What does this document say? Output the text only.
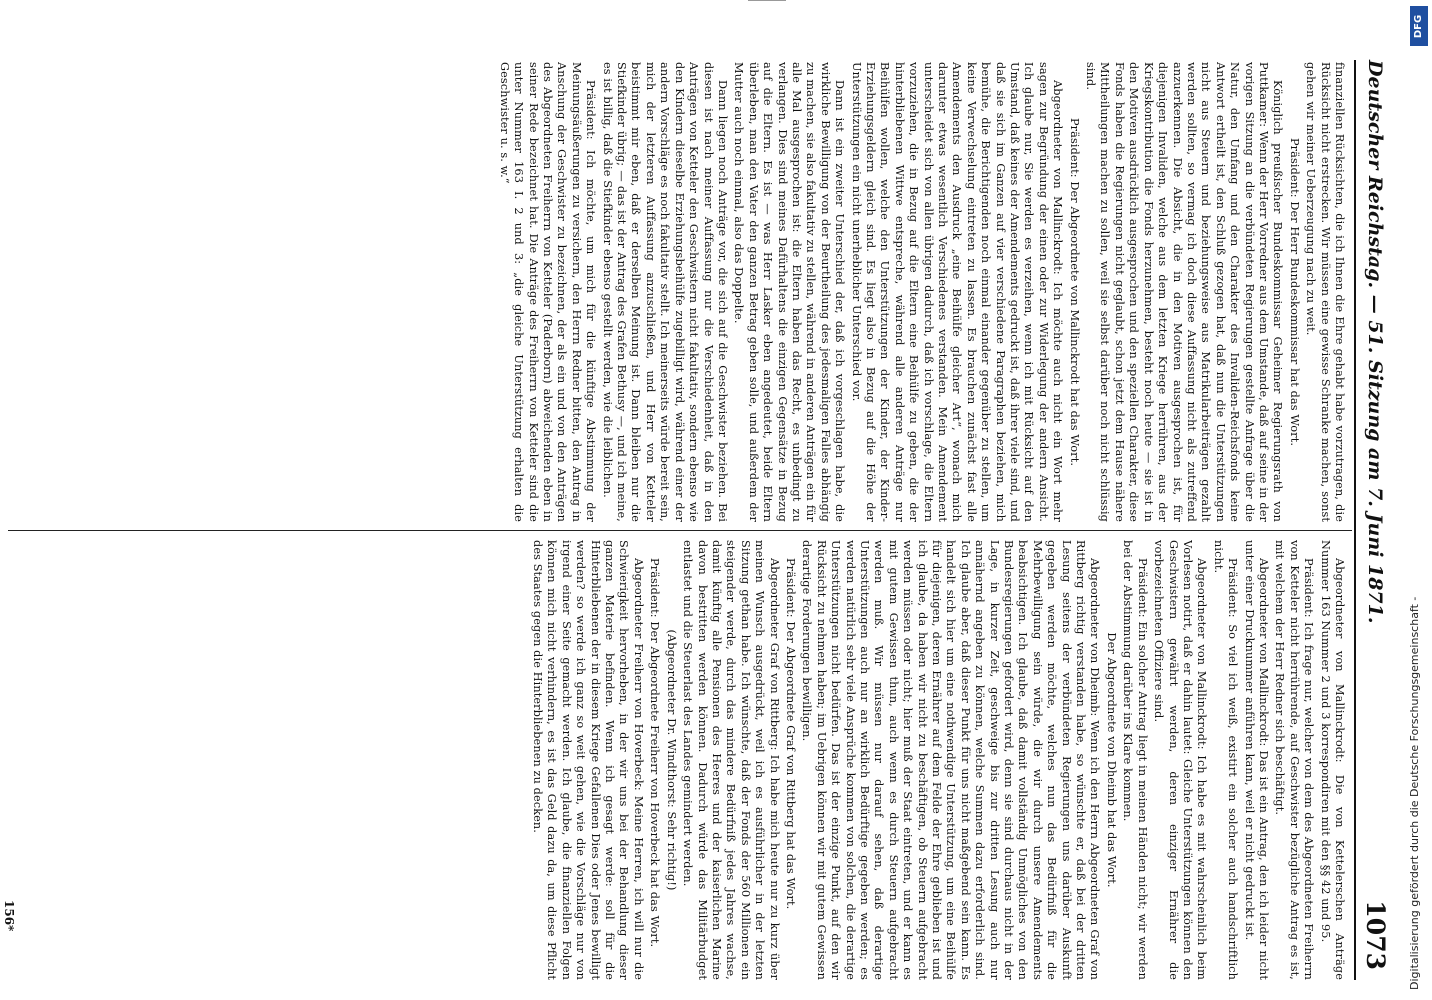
Deutscher Reichstag. — 51. Sitzung am 7. Juni 1871.
1073

finanziellen Rücksichten, die ich Ihnen die Ehre gehabt habe vorzutragen, die Rücksicht nicht erstrecken. Wir müssen eine gewisse Schranke machen, sonst gehen wir meiner Ueberzeugung nach zu weit.

Präsident: Der Herr Bundeskommissar hat das Wort.

Königlich preußischer Bundeskommissar Geheimer Regierungsrath von Puttkamer: Wenn der Herr Vorredner aus dem Umstande, daß auf seine in der vorigen Sitzung an die verbündeten Regierungen gestellte Anfrage über die Natur, den Umfang und den Charakter des Invaliden-Reichsfonds keine Antwort ertheilt ist, den Schluß gezogen hat, daß nun die Unterstützungen nicht aus Steuern und beziehungsweise aus Matrikularbeiträgen gezahlt werden sollten, so vermag ich doch diese Auffassung nicht als zutreffend anzuerkennen. Die Absicht, die in den Motiven ausgesprochen ist, für diejenigen Invaliden, welche aus dem letzten Kriege herrühren, aus der Kriegskontribution die Fonds herzunehmen, besteht noch heute — sie ist in den Motiven ausdrücklich ausgesprochen und den speziellen Charakter, diese Fonds haben die Regierungen nicht geglaubt, schon jetzt dem Hause nähere Mittheilungen machen zu sollen, weil sie selbst darüber noch nicht schlüssig sind.

Präsident: Der Abgeordnete von Mallinckrodt hat das Wort.

Abgeordneter von Mallinckrodt: Ich möchte auch nicht ein Wort mehr sagen zur Begründung der einen oder zur Widerlegung der andern Ansicht. Ich glaube nur, Sie werden es verzeihen, wenn ich mit Rücksicht auf den Umstand, daß keines der Amendements gedruckt ist, daß ihrer viele sind, und daß sie sich im Ganzen auf vier verschiedene Paragraphen beziehen, mich bemühe, die Berichtigenden noch einmal einander gegenüber zu stellen, um keine Verwechselung eintreten zu lassen. Es brauchen zunächst fast alle Amendements den Ausdruck „eine Beihülfe gleicher Art“, wonach mich darunter etwas wesentlich Verschiedenes verstanden. Mein Amendement unterscheidet sich von allen übrigen dadurch, daß ich vorschlage, die Eltern vorzuziehen, die in Bezug auf die Eltern eine Beihülfe zu geben, die der hinterbliebenen Wittwe entspreche, während alle anderen Anträge nur Beihülfen wollen, welche den Unterstützungen der Kinder, der Kinder-Erziehungsgeldern gleich sind. Es liegt also in Bezug auf die Höhe der Unterstützungen ein nicht unerheblicher Unterschied vor.

Dann ist ein zweiter Unterschied der, daß ich vorgeschlagen habe, die wirkliche Bewilligung von der Beurtheilung des jedesmaligen Falles abhängig zu machen, sie also fakultativ zu stellen, während in anderen Anträgen ein für alle Mal ausgesprochen ist: die Eltern haben das Recht, es unbedingt zu verlangen. Dies sind meines Dafürhaltens die einzigen Gegensätze in Bezug auf die Eltern. Es ist — was Herr Lasker eben angedeutet, beide Eltern überleben, man den Vater den ganzen Betrag geben solle, und außerdem der Mutter auch noch einmal, also das Doppelte.

Dann liegen noch Anträge vor, die sich auf die Geschwister beziehen. Bei diesen ist nach meiner Auffassung nur die Verschiedenheit, daß in den Anträgen von Ketteler den Geschwistern nicht fakultativ, sondern ebenso wie den Kindern dieselbe Erziehungsbeihülfe zugebilligt wird, während einer der andern Vorschläge es noch fakultativ stellt. Ich meinerseits würde bereit sein, mich der letzteren Auffassung anzuschließen, und Herr von Ketteler beistimmt mir eben, daß er derselben Meinung ist. Dann bleiben nur die Stiefkinder übrig; — das ist der Antrag des Grafen Bethusy —, und ich meine, es ist billig, daß die Stiefkinder ebenso gestellt werden, wie die leiblichen.

Präsident: Ich möchte, um mich für die künftige Abstimmung der Meinungsäußerungen zu versichern, den Herrn Redner bitten, den Antrag in Anschung der Geschwister zu bezeichnen, der als ein und von den Anträgen des Abgeordneten Freiherrn von Ketteler (Paderborn) abweichenden eben in seiner Rede bezeichnet hat. Die Anträge des Freiherrn von Ketteler sind die unter Nummer 163 I. 2 und 3: „die gleiche Unterstützung erhalten die Geschwister u. s. w.“

Abgeordneter von Mallinckrodt: Die von Kettelerschen Anträge Nummer 163 Nummer 2 und 3 korrespondiren mit den §§ 42 und 95.

Präsident: Ich frage nur, welcher von dem des Abgeordneten Freiherrn von Ketteler nicht herrührende, auf Geschwister bezügliche Antrag es ist, mit welchem der Herr Redner sich beschäftigt.

Abgeordneter von Mallinckrodt: Das ist ein Antrag, den ich leider nicht unter einer Drucknummer anführen kann, weil er nicht gedruckt ist.

Präsident: So viel ich weiß, existirt ein solcher auch handschriftlich nicht.

Abgeordneter von Mallinckrodt: Ich habe es mit wahrscheinlich beim Vorlesen notirt, daß er dahin lautet: Gleiche Unterstützungen können den Geschwistern gewährt werden, deren einziger Ernährer die vorbezeichneten Offiziere sind.

Präsident: Ein solcher Antrag liegt in meinen Händen nicht; wir werden bei der Abstimmung darüber ins Klare kommen.

Der Abgeordnete von Dheimb hat das Wort.

Abgeordneter von Dheimb: Wenn ich den Herrn Abgeordneten Graf von Rittberg richtig verstanden habe, so wünschte er, daß bei der dritten Lesung seitens der verbündeten Regierungen uns darüber Auskunft gegeben werden möchte, welches nun das Bedürfniß für die Mehrbewilligung sein würde, die wir durch unsere Amendements beabsichtigen. Ich glaube, daß damit vollständig Unmögliches von den Bundesregierungen gefordert wird, denn sie sind durchaus nicht in der Lage, in kurzer Zeit, geschweige bis zur dritten Lesung auch nur annähernd angeben zu können, welche Summen dazu erforderlich sind. Ich glaube aber, daß dieser Punkt für uns nicht maßgebend sein kann. Es handelt sich hier um eine nothwendige Unterstützung, um eine Beihülfe für diejenigen, deren Ernährer auf dem Felde der Ehre geblieben ist und ich glaube, da haben wir nicht zu beschäftigen, ob Steuern aufgebracht werden müssen oder nicht; hier muß der Staat eintreten, und er kann es mit gutem Gewissen thun, auch wenn es durch Steuern aufgebracht werden muß. Wir müssen nur darauf sehen, daß derartige Unterstützungen auch nur an wirklich Bedürftige gegeben werden; es werden natürlich sehr viele Ansprüche kommen von solchen, die derartige Unterstützungen nicht bedürfen. Das ist der einzige Punkt, auf den wir Rücksicht zu nehmen haben; im Uebrigen können wir mit gutem Gewissen derartige Forderungen bewilligen.

Präsident: Der Abgeordnete Graf von Rittberg hat das Wort.

Abgeordneter Graf von Rittberg: Ich habe mich heute nur zu kurz über meinen Wunsch ausgedrückt, weil ich es ausführlicher in der letzten Sitzung gethan habe. Ich wünschte, daß der Fonds der 560 Millionen ein steigender werde, durch das mindere Bedürfniß jedes Jahres wachse, damit künftig alle Pensionen des Heeres und der kaiserlichen Marine davon bestritten werden können. Dadurch würde das Militärbudget entlastet und die Steuerlast des Landes gemindert werden.

(Abgeordneter Dr. Windthorst: Sehr richtig!)

Präsident: Der Abgeordnete Freiherr von Hoverbeck hat das Wort.

Abgeordneter Freiherr von Hoverbeck: Meine Herren, ich will nur die Schwierigkeit hervorheben, in der wir uns bei der Behandlung dieser ganzen Materie befinden. Wenn ich gesagt werde: soll für die Hinterbliebenen der in diesem Kriege Gefallenen Dies oder Jenes bewilligt werden? so werde ich ganz so weit gehen, wie die Vorschläge nur von irgend einer Seite gemacht werden. Ich glaube, die finanziellen Folgen können mich nicht verhindern, es ist das Geld dazu da, um diese Pflicht des Staates gegen die Hinterbliebenen zu decken.

156*
DFG
Digitalisierung gefördert durch die Deutsche Forschungsgemeinschaft -
